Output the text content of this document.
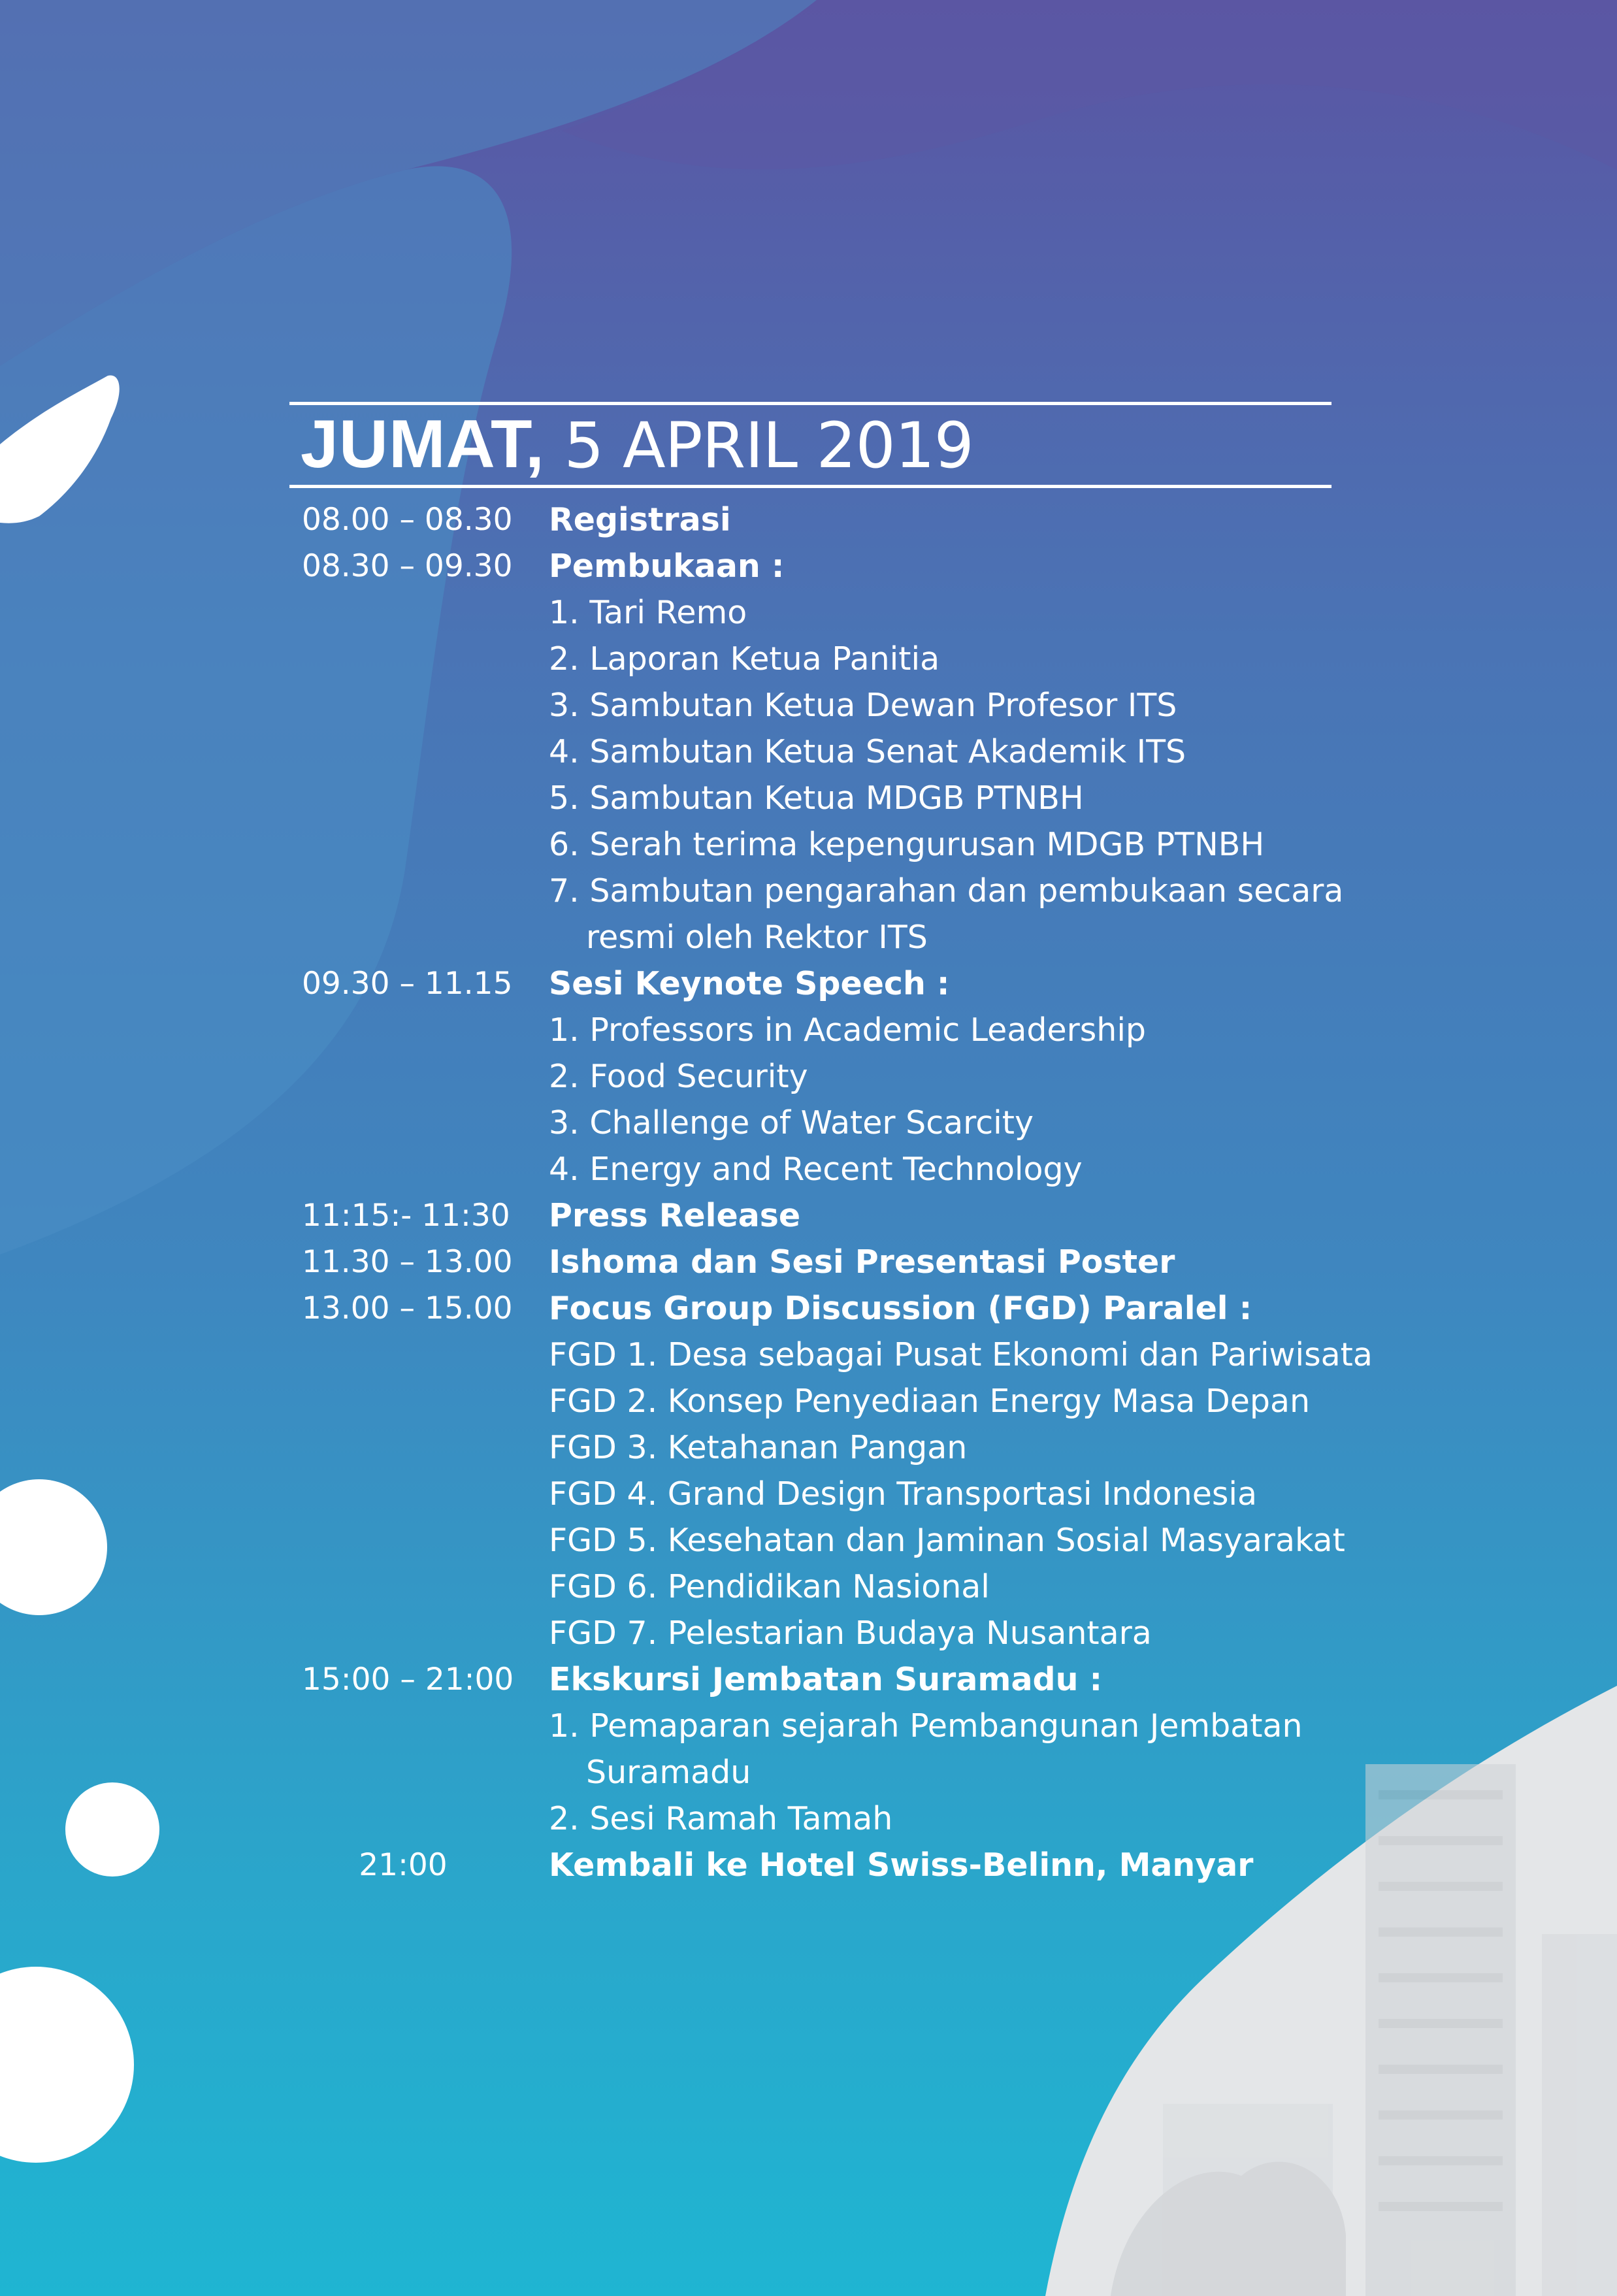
JUMAT, 5 APRIL 2019
08.00 – 08.30 Registrasi
08.30 – 09.30 Pembukaan :
1. Tari Remo
2. Laporan Ketua Panitia
3. Sambutan Ketua Dewan Profesor ITS
4. Sambutan Ketua Senat Akademik ITS
5. Sambutan Ketua MDGB PTNBH
6. Serah terima kepengurusan MDGB PTNBH
7. Sambutan pengarahan dan pembukaan secara
resmi oleh Rektor ITS
09.30 – 11.15 Sesi Keynote Speech :
1. Professors in Academic Leadership
2. Food Security
3. Challenge of Water Scarcity
4. Energy and Recent Technology
11:15:- 11:30 Press Release
11.30 – 13.00 Ishoma dan Sesi Presentasi Poster
13.00 – 15.00 Focus Group Discussion (FGD) Paralel :
FGD 1. Desa sebagai Pusat Ekonomi dan Pariwisata
FGD 2. Konsep Penyediaan Energy Masa Depan
FGD 3. Ketahanan Pangan
FGD 4. Grand Design Transportasi Indonesia
FGD 5. Kesehatan dan Jaminan Sosial Masyarakat
FGD 6. Pendidikan Nasional
FGD 7. Pelestarian Budaya Nusantara
15:00 – 21:00 Ekskursi Jembatan Suramadu :
1. Pemaparan sejarah Pembangunan Jembatan
Suramadu
2. Sesi Ramah Tamah
21:00	Kembali ke Hotel Swiss-Belinn, Manyar
